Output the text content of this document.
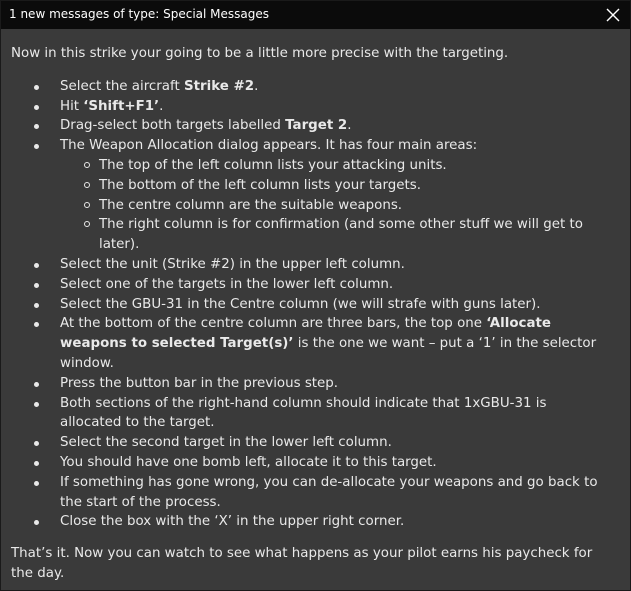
1 new messages of type: Special Messages

Now in this strike your going to be a little more precise with the targeting.

Select the aircraft Strike #2.
Hit ‘Shift+F1’.
Drag-select both targets labelled Target 2.
The Weapon Allocation dialog appears. It has four main areas:
The top of the left column lists your attacking units.
The bottom of the left column lists your targets.
The centre column are the suitable weapons.
The right column is for confirmation (and some other stuff we will get to later).
Select the unit (Strike #2) in the upper left column.
Select one of the targets in the lower left column.
Select the GBU-31 in the Centre column (we will strafe with guns later).
At the bottom of the centre column are three bars, the top one ‘Allocate weapons to selected Target(s)’ is the one we want – put a ‘1’ in the selector window.
Press the button bar in the previous step.
Both sections of the right-hand column should indicate that 1xGBU-31 is allocated to the target.
Select the second target in the lower left column.
You should have one bomb left, allocate it to this target.
If something has gone wrong, you can de-allocate your weapons and go back to the start of the process.
Close the box with the ‘X’ in the upper right corner.

That’s it. Now you can watch to see what happens as your pilot earns his paycheck for the day.
